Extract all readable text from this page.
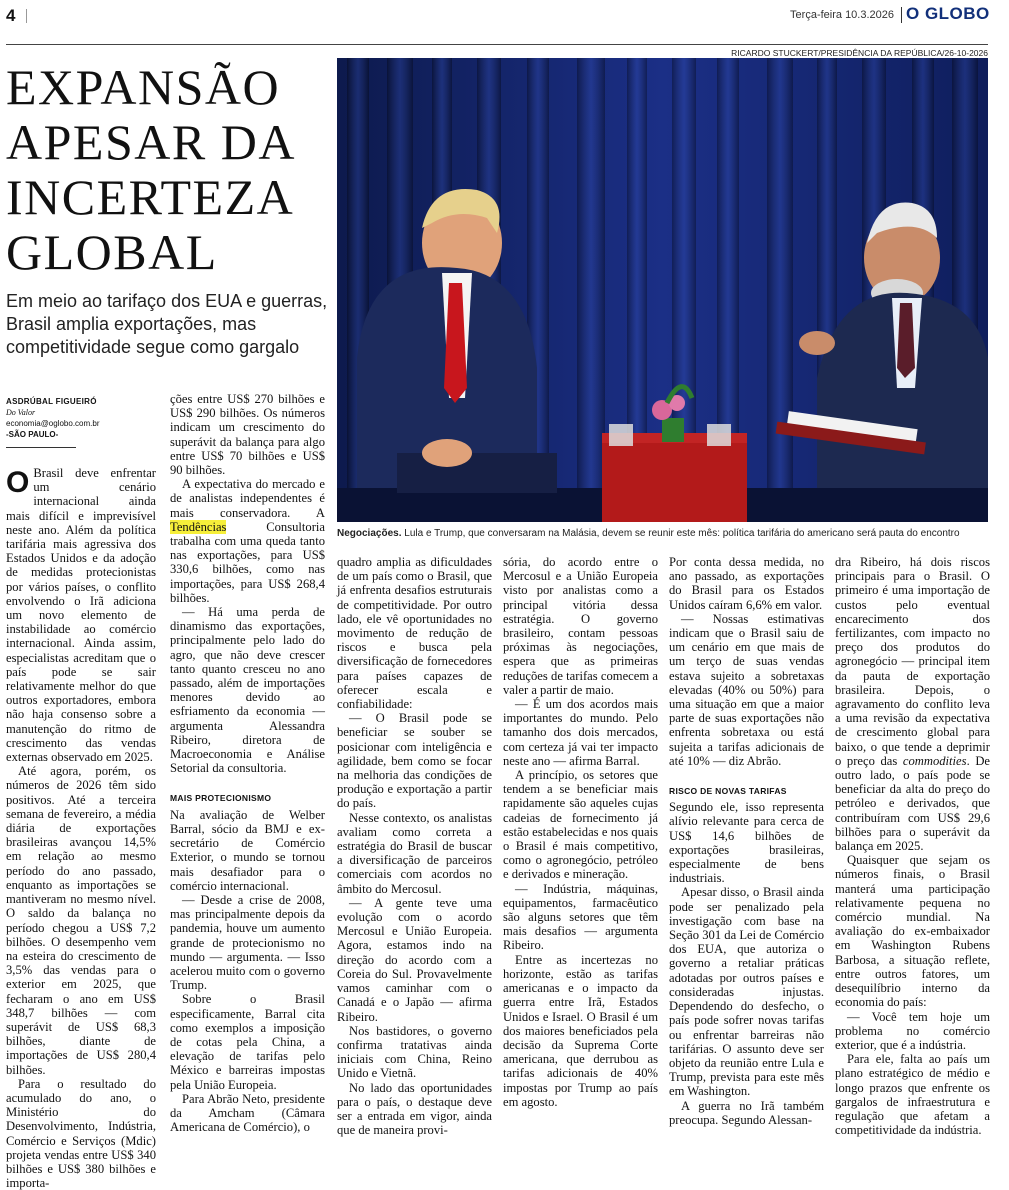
4	Terça-feira 10.3.2026 O GLOBO
RICARDO STUCKERT/PRESIDÊNCIA DA REPÚBLICA/26-10-2026
EXPANSÃO APESAR DA INCERTEZA GLOBAL

Em meio ao tarifaço dos EUA e guerras, Brasil amplia exportações, mas competitividade segue como gargalo

ASDRÚBAL FIGUEIRÓ
Do Valor
economia@oglobo.com.br
-SÃO PAULO-
Negociações. Lula e Trump, que conversaram na Malásia, devem se reunir este mês: política tarifária do americano será pauta do encontro

O Brasil deve enfrentar um cenário internacional ainda mais difícil e imprevisível neste ano. Além da política tarifária mais agressiva dos Estados Unidos e da adoção de medidas protecionistas por vários países, o conflito envolvendo o Irã adiciona um novo elemento de instabilidade ao comércio internacional. Ainda assim, especialistas acreditam que o país pode se sair relativamente melhor do que outros exportadores, embora não haja consenso sobre a manutenção do ritmo de crescimento das vendas externas observado em 2025.

Até agora, porém, os números de 2026 têm sido positivos. Até a terceira semana de fevereiro, a média diária de exportações brasileiras avançou 14,5% em relação ao mesmo período do ano passado, enquanto as importações se mantiveram no mesmo nível. O saldo da balança no período chegou a US$ 7,2 bilhões. O desempenho vem na esteira do crescimento de 3,5% das vendas para o exterior em 2025, que fecharam o ano em US$ 348,7 bilhões — com superávit de US$ 68,3 bilhões, diante de importações de US$ 280,4 bilhões.

Para o resultado do acumulado do ano, o Ministério do Desenvolvimento, Indústria, Comércio e Serviços (Mdic) projeta vendas entre US$ 340 bilhões e US$ 380 bilhões e importa-

ções entre US$ 270 bilhões e US$ 290 bilhões. Os números indicam um crescimento do superávit da balança para algo entre US$ 70 bilhões e US$ 90 bilhões.

A expectativa do mercado e de analistas independentes é mais conservadora. A Tendências Consultoria trabalha com uma queda tanto nas exportações, para US$ 330,6 bilhões, como nas importações, para US$ 268,4 bilhões.

— Há uma perda de dinamismo das exportações, principalmente pelo lado do agro, que não deve crescer tanto quanto cresceu no ano passado, além de importações menores devido ao esfriamento da economia — argumenta Alessandra Ribeiro, diretora de Macroeconomia e Análise Setorial da consultoria.

MAIS PROTECIONISMO

Na avaliação de Welber Barral, sócio da BMJ e ex-secretário de Comércio Exterior, o mundo se tornou mais desafiador para o comércio internacional.

— Desde a crise de 2008, mas principalmente depois da pandemia, houve um aumento grande de protecionismo no mundo — argumenta. — Isso acelerou muito com o governo Trump.

Sobre o Brasil especificamente, Barral cita como exemplos a imposição de cotas pela China, a elevação de tarifas pelo México e barreiras impostas pela União Europeia.

Para Abrão Neto, presidente da Amcham (Câmara Americana de Comércio), o

quadro amplia as dificuldades de um país como o Brasil, que já enfrenta desafios estruturais de competitividade. Por outro lado, ele vê oportunidades no movimento de redução de riscos e busca pela diversificação de fornecedores para países capazes de oferecer escala e confiabilidade:

— O Brasil pode se beneficiar se souber se posicionar com inteligência e agilidade, bem como se focar na melhoria das condições de produção e exportação a partir do país.

Nesse contexto, os analistas avaliam como correta a estratégia do Brasil de buscar a diversificação de parceiros comerciais com acordos no âmbito do Mercosul.

— A gente teve uma evolução com o acordo Mercosul e União Europeia. Agora, estamos indo na direção do acordo com a Coreia do Sul. Provavelmente vamos caminhar com o Canadá e o Japão — afirma Ribeiro.

Nos bastidores, o governo confirma tratativas ainda iniciais com China, Reino Unido e Vietnã.

No lado das oportunidades para o país, o destaque deve ser a entrada em vigor, ainda que de maneira provi-

sória, do acordo entre o Mercosul e a União Europeia visto por analistas como a principal vitória dessa estratégia. O governo brasileiro, contam pessoas próximas às negociações, espera que as primeiras reduções de tarifas comecem a valer a partir de maio.

— É um dos acordos mais importantes do mundo. Pelo tamanho dos dois mercados, com certeza já vai ter impacto neste ano — afirma Barral.

A princípio, os setores que tendem a se beneficiar mais rapidamente são aqueles cujas cadeias de fornecimento já estão estabelecidas e nos quais o Brasil é mais competitivo, como o agronegócio, petróleo e derivados e mineração.

— Indústria, máquinas, equipamentos, farmacêutico são alguns setores que têm mais desafios — argumenta Ribeiro.

Entre as incertezas no horizonte, estão as tarifas americanas e o impacto da guerra entre Irã, Estados Unidos e Israel. O Brasil é um dos maiores beneficiados pela decisão da Suprema Corte americana, que derrubou as tarifas adicionais de 40% impostas por Trump ao país em agosto.

Por conta dessa medida, no ano passado, as exportações do Brasil para os Estados Unidos caíram 6,6% em valor.

— Nossas estimativas indicam que o Brasil saiu de um cenário em que mais de um terço de suas vendas estava sujeito a sobretaxas elevadas (40% ou 50%) para uma situação em que a maior parte de suas exportações não enfrenta sobretaxa ou está sujeita a tarifas adicionais de até 10% — diz Abrão.

RISCO DE NOVAS TARIFAS

Segundo ele, isso representa alívio relevante para cerca de US$ 14,6 bilhões de exportações brasileiras, especialmente de bens industriais.

Apesar disso, o Brasil ainda pode ser penalizado pela investigação com base na Seção 301 da Lei de Comércio dos EUA, que autoriza o governo a retaliar práticas adotadas por outros países e consideradas injustas. Dependendo do desfecho, o país pode sofrer novas tarifas ou enfrentar barreiras não tarifárias. O assunto deve ser objeto da reunião entre Lula e Trump, prevista para este mês em Washington.

A guerra no Irã também preocupa. Segundo Alessan-

dra Ribeiro, há dois riscos principais para o Brasil. O primeiro é uma importação de custos pelo eventual encarecimento dos fertilizantes, com impacto no preço dos produtos do agronegócio — principal item da pauta de exportação brasileira. Depois, o agravamento do conflito leva a uma revisão da expectativa de crescimento global para baixo, o que tende a deprimir o preço das commodities. De outro lado, o país pode se beneficiar da alta do preço do petróleo e derivados, que contribuíram com US$ 29,6 bilhões para o superávit da balança em 2025.

Quaisquer que sejam os números finais, o Brasil manterá uma participação relativamente pequena no comércio mundial. Na avaliação do ex-embaixador em Washington Rubens Barbosa, a situação reflete, entre outros fatores, um desequilíbrio interno da economia do país:

— Você tem hoje um problema no comércio exterior, que é a indústria.

Para ele, falta ao país um plano estratégico de médio e longo prazos que enfrente os gargalos de infraestrutura e regulação que afetam a competitividade da indústria.
